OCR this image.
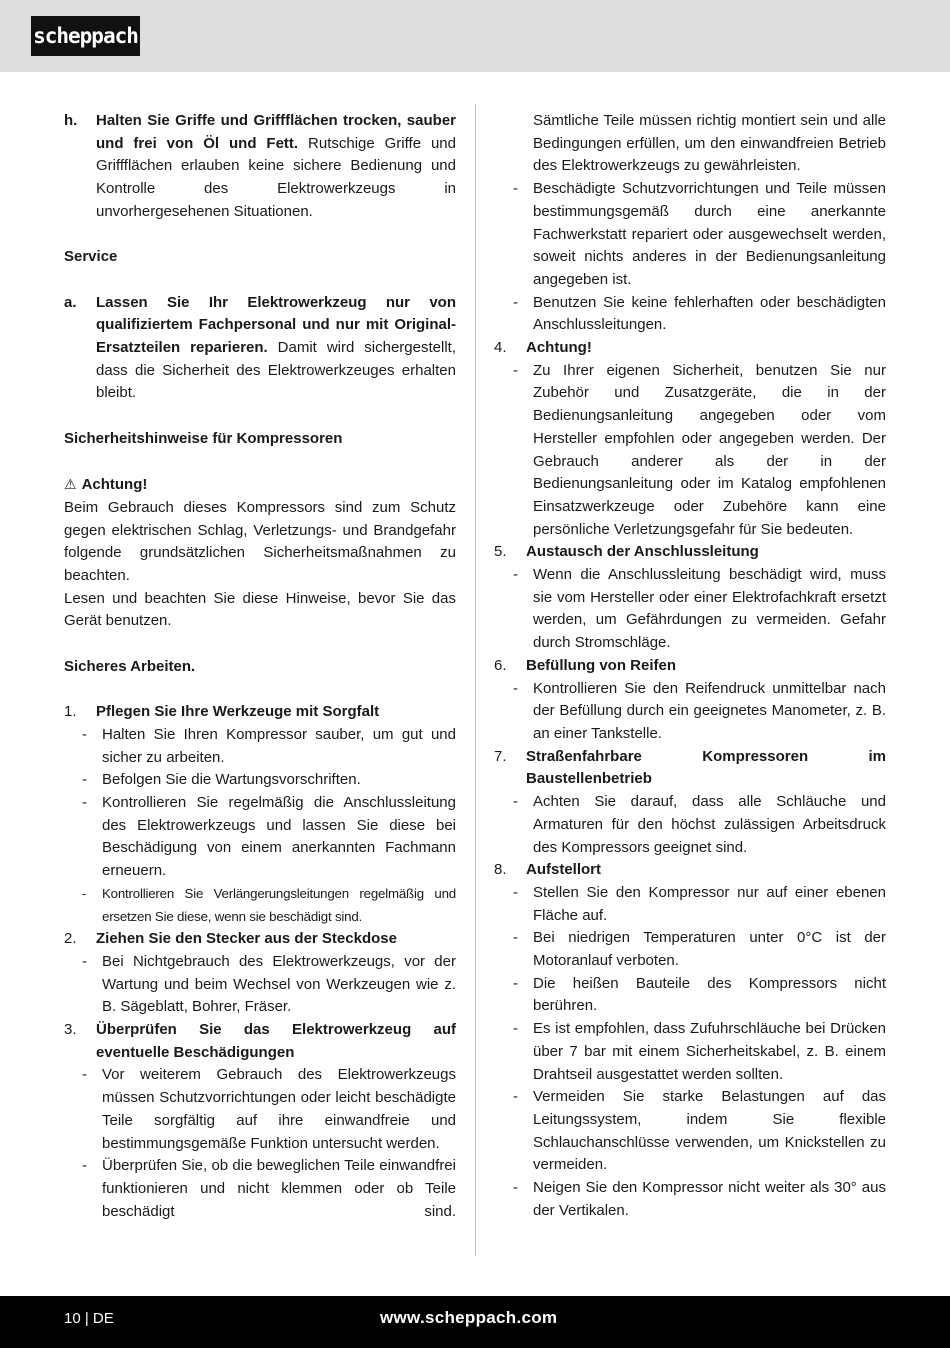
scheppach
h.	Halten Sie Griffe und Griffflächen trocken, sauber und frei von Öl und Fett. Rutschige Griffe und Griffflächen erlauben keine sichere Bedienung und Kontrolle des Elektrowerkzeugs in unvorhergesehenen Situationen.

Service

a.	Lassen Sie Ihr Elektrowerkzeug nur von qualifiziertem Fachpersonal und nur mit Original-Ersatzteilen reparieren. Damit wird sichergestellt, dass die Sicherheit des Elektrowerkzeuges erhalten bleibt.

Sicherheitshinweise für Kompressoren

⚠ Achtung!

Beim Gebrauch dieses Kompressors sind zum Schutz gegen elektrischen Schlag, Verletzungs- und Brandgefahr folgende grundsätzlichen Sicherheitsmaßnahmen zu beachten.

Lesen und beachten Sie diese Hinweise, bevor Sie das Gerät benutzen.

Sicheres Arbeiten.

1.	Pflegen Sie Ihre Werkzeuge mit Sorgfalt
-	Halten Sie Ihren Kompressor sauber, um gut und sicher zu arbeiten.
-	Befolgen Sie die Wartungsvorschriften.
-	Kontrollieren Sie regelmäßig die Anschlussleitung des Elektrowerkzeugs und lassen Sie diese bei Beschädigung von einem anerkannten Fachmann erneuern.
-	Kontrollieren Sie Verlängerungsleitungen regelmäßig und ersetzen Sie diese, wenn sie beschädigt sind.
2.	Ziehen Sie den Stecker aus der Steckdose
-	Bei Nichtgebrauch des Elektrowerkzeugs, vor der Wartung und beim Wechsel von Werkzeugen wie z. B. Sägeblatt, Bohrer, Fräser.
3.	Überprüfen Sie das Elektrowerkzeug auf eventuelle Beschädigungen
-	Vor weiterem Gebrauch des Elektrowerkzeugs müssen Schutzvorrichtungen oder leicht beschädigte Teile sorgfältig auf ihre einwandfreie und bestimmungsgemäße Funktion untersucht werden.
-	Überprüfen Sie, ob die beweglichen Teile einwandfrei funktionieren und nicht klemmen oder ob Teile beschädigt sind.

Sämtliche Teile müssen richtig montiert sein und alle Bedingungen erfüllen, um den einwandfreien Betrieb des Elektrowerkzeugs zu gewährleisten.

-	Beschädigte Schutzvorrichtungen und Teile müssen bestimmungsgemäß durch eine anerkannte Fachwerkstatt repariert oder ausgewechselt werden, soweit nichts anderes in der Bedienungsanleitung angegeben ist.
-	Benutzen Sie keine fehlerhaften oder beschädigten Anschlussleitungen.
4.	Achtung!
-	Zu Ihrer eigenen Sicherheit, benutzen Sie nur Zubehör und Zusatzgeräte, die in der Bedienungsanleitung angegeben oder vom Hersteller empfohlen oder angegeben werden. Der Gebrauch anderer als der in der Bedienungsanleitung oder im Katalog empfohlenen Einsatzwerkzeuge oder Zubehöre kann eine persönliche Verletzungsgefahr für Sie bedeuten.
5.	Austausch der Anschlussleitung
-	Wenn die Anschlussleitung beschädigt wird, muss sie vom Hersteller oder einer Elektrofachkraft ersetzt werden, um Gefährdungen zu vermeiden. Gefahr durch Stromschläge.
6.	Befüllung von Reifen
-	Kontrollieren Sie den Reifendruck unmittelbar nach der Befüllung durch ein geeignetes Manometer, z. B. an einer Tankstelle.
7.	Straßenfahrbare Kompressoren im Baustellenbetrieb
-	Achten Sie darauf, dass alle Schläuche und Armaturen für den höchst zulässigen Arbeitsdruck des Kompressors geeignet sind.
8.	Aufstellort
-	Stellen Sie den Kompressor nur auf einer ebenen Fläche auf.
-	Bei niedrigen Temperaturen unter 0°C ist der Motoranlauf verboten.
-	Die heißen Bauteile des Kompressors nicht berühren.
-	Es ist empfohlen, dass Zufuhrschläuche bei Drücken über 7 bar mit einem Sicherheitskabel, z. B. einem Drahtseil ausgestattet werden sollten.
-	Vermeiden Sie starke Belastungen auf das Leitungssystem, indem Sie flexible Schlauchanschlüsse verwenden, um Knickstellen zu vermeiden.
-	Neigen Sie den Kompressor nicht weiter als 30° aus der Vertikalen.
10 | DE	www.scheppach.com
